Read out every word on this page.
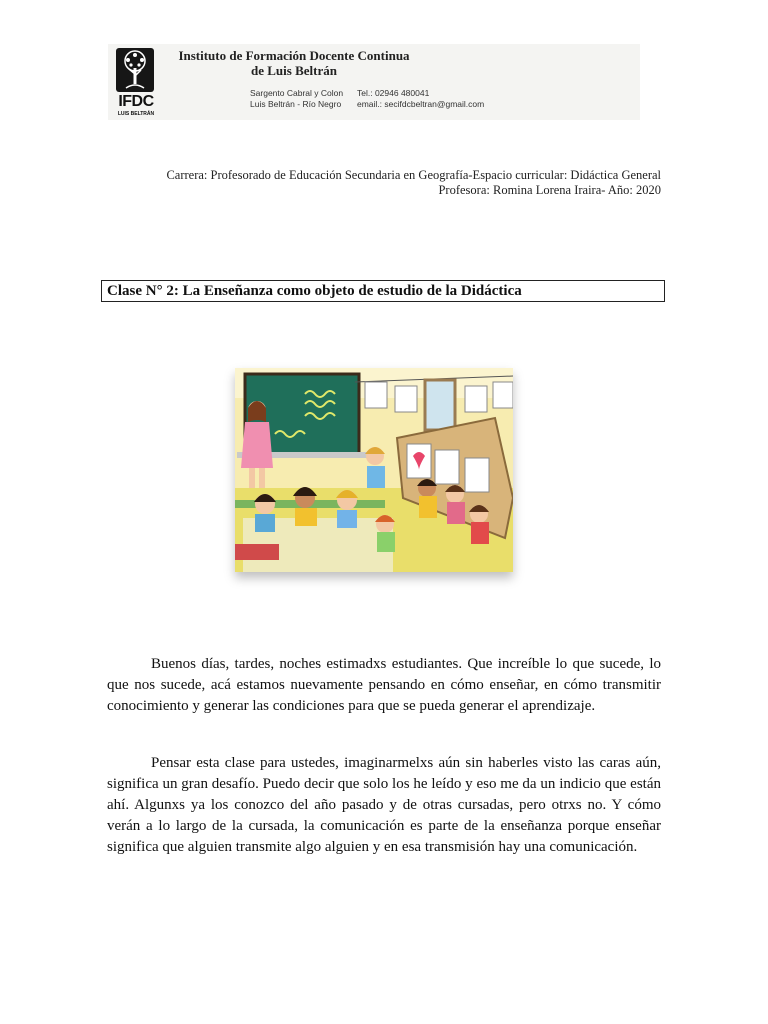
IFDC
LUIS BELTRÁN
Instituto de Formación Docente Continua
de Luis Beltrán
Sargento Cabral y Colon
Luis Beltrán - Río Negro
Tel.: 02946 480041
email.: secifdcbeltran@gmail.com
Carrera: Profesorado de Educación Secundaria en Geografía-Espacio curricular: Didáctica General
Profesora: Romina Lorena Iraira- Año: 2020
Clase N° 2: La Enseñanza como objeto de estudio de la Didáctica

Buenos días, tardes, noches estimadxs estudiantes. Que increíble lo que sucede, lo que nos sucede, acá estamos nuevamente pensando en cómo enseñar, en cómo transmitir conocimiento y generar las condiciones para que se pueda generar el aprendizaje.

Pensar esta clase para ustedes, imaginarmelxs aún sin haberles visto las caras aún, significa un gran desafío. Puedo decir que solo los he leído y eso me da un indicio que están ahí. Algunxs ya los conozco del año pasado y de otras cursadas, pero otrxs no. Y cómo verán a lo largo de la cursada, la comunicación es parte de la enseñanza porque enseñar significa que alguien transmite algo alguien y en esa transmisión hay una comunicación.
